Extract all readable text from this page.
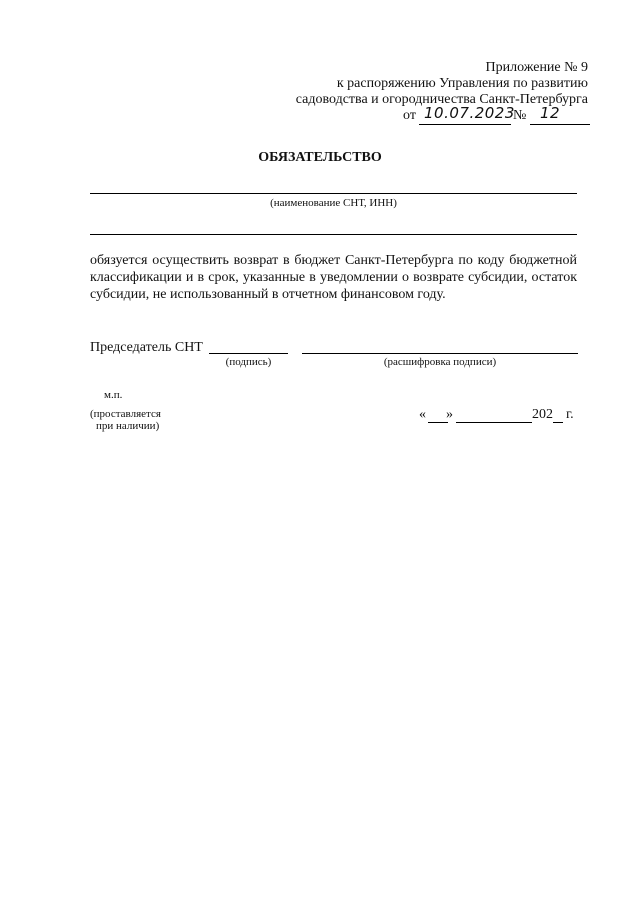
Приложение № 9
к распоряжению Управления по развитию
садоводства и огородничества Санкт-Петербурга
от 10.07.2023
№ 12
ОБЯЗАТЕЛЬСТВО
(наименование СНТ, ИНН)
обязуется осуществить возврат в бюджет Санкт-Петербурга по коду бюджетной
классификации и в срок, указанные в уведомлении о возврате субсидии, остаток
субсидии, не использованный в отчетном финансовом году.
Председатель СНТ
(подпись)	(расшифровка подписи)
м.п.
(проставляется
при наличии)
« »	202 г.
